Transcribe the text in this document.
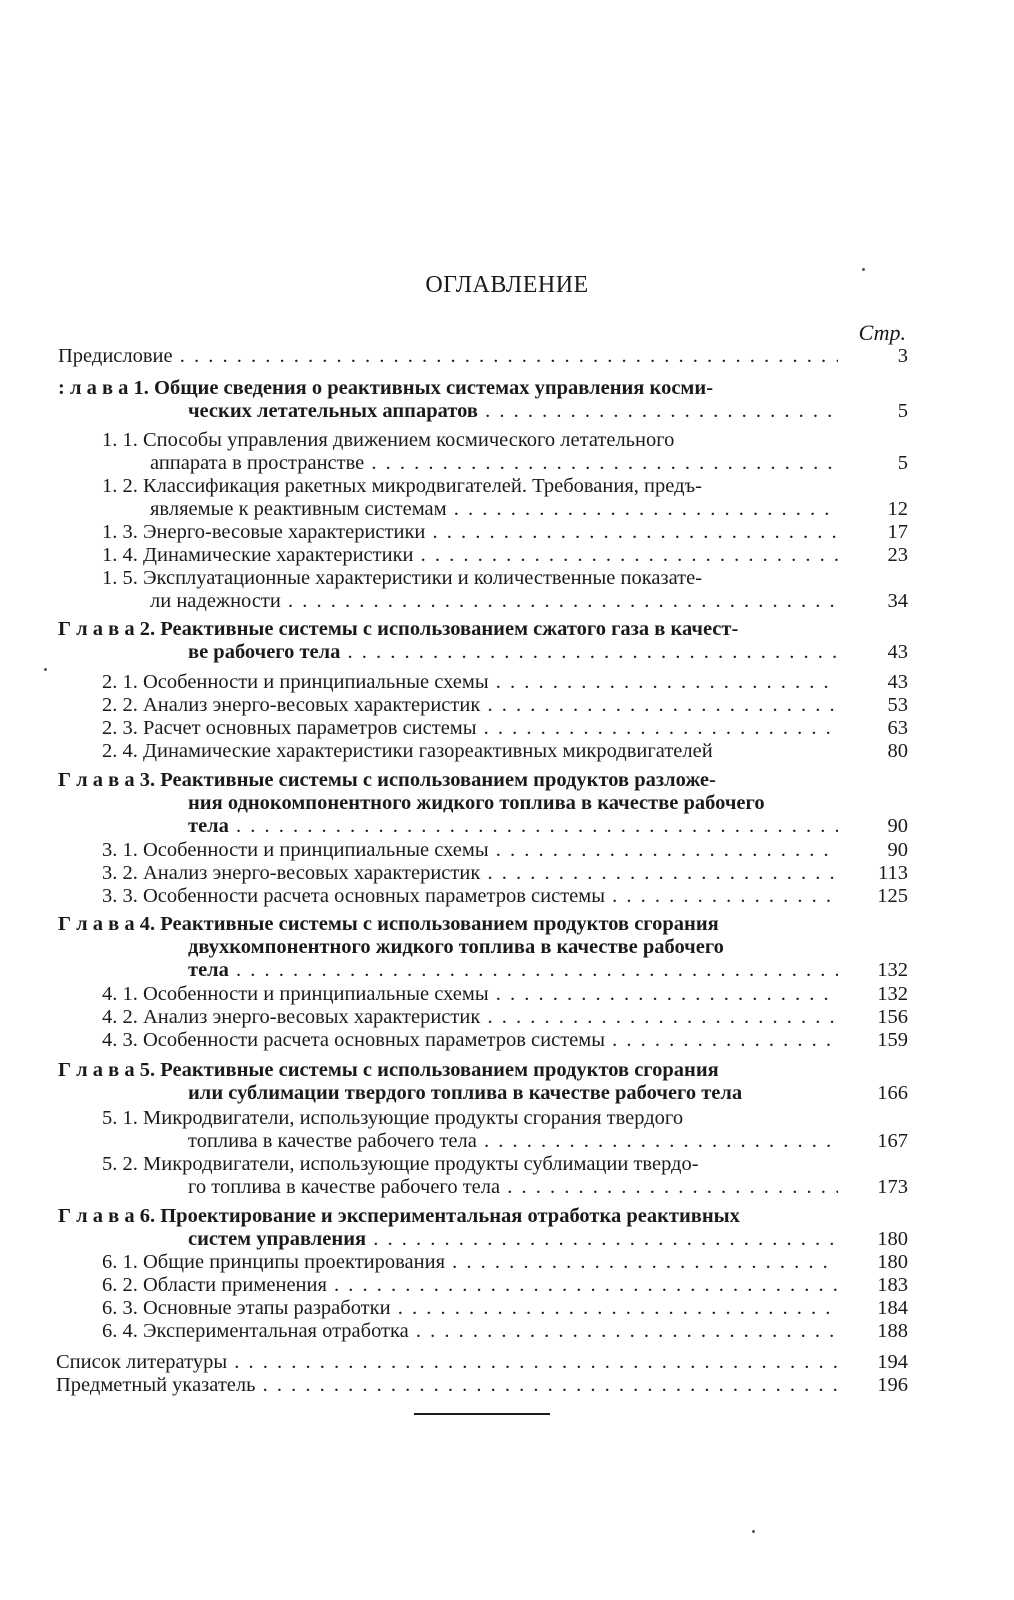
ОГЛАВЛЕНИЕ
Стр.
Предисловие . . .	3
: л а в а 1. Общие сведения о реактивных системах управления косми-
ческих летательных аппаратов . . .	5
1. 1. Способы управления движением космического летательного
аппарата в пространстве . . .	5
1. 2. Классификация ракетных микродвигателей. Требования, предъ-
являемые к реактивным системам . . .	12
1. 3. Энерго-весовые характеристики . . .	17
1. 4. Динамические характеристики . . .	23
1. 5. Эксплуатационные характеристики и количественные показате-
ли надежности . . .	34
Г л а в а 2. Реактивные системы с использованием сжатого газа в качест-
ве рабочего тела . . .	43
2. 1. Особенности и принципиальные схемы . . .	43
2. 2. Анализ энерго-весовых характеристик . . .	53
2. 3. Расчет основных параметров системы . . .	63
2. 4. Динамические характеристики газореактивных микродвигателей	80
Г л а в а 3. Реактивные системы с использованием продуктов разложе-
ния однокомпонентного жидкого топлива в качестве рабочего
тела . . .	90
3. 1. Особенности и принципиальные схемы . . .	90
3. 2. Анализ энерго-весовых характеристик . . .	113
3. 3. Особенности расчета основных параметров системы . . .	125
Г л а в а 4. Реактивные системы с использованием продуктов сгорания
двухкомпонентного жидкого топлива в качестве рабочего
тела . . .	132
4. 1. Особенности и принципиальные схемы . . .	132
4. 2. Анализ энерго-весовых характеристик . . .	156
4. 3. Особенности расчета основных параметров системы . . .	159
Г л а в а 5. Реактивные системы с использованием продуктов сгорания
или сублимации твердого топлива в качестве рабочего тела	166
5. 1. Микродвигатели, использующие продукты сгорания твердого
топлива в качестве рабочего тела . . .	167
5. 2. Микродвигатели, использующие продукты сублимации твердо-
го топлива в качестве рабочего тела . . .	173
Г л а в а 6. Проектирование и экспериментальная отработка реактивных
систем управления . . .	180
6. 1. Общие принципы проектирования . . .	180
6. 2. Области применения . . .	183
6. 3. Основные этапы разработки . . .	184
6. 4. Экспериментальная отработка . . .	188
Список литературы . . .	194
Предметный указатель . . .	196
